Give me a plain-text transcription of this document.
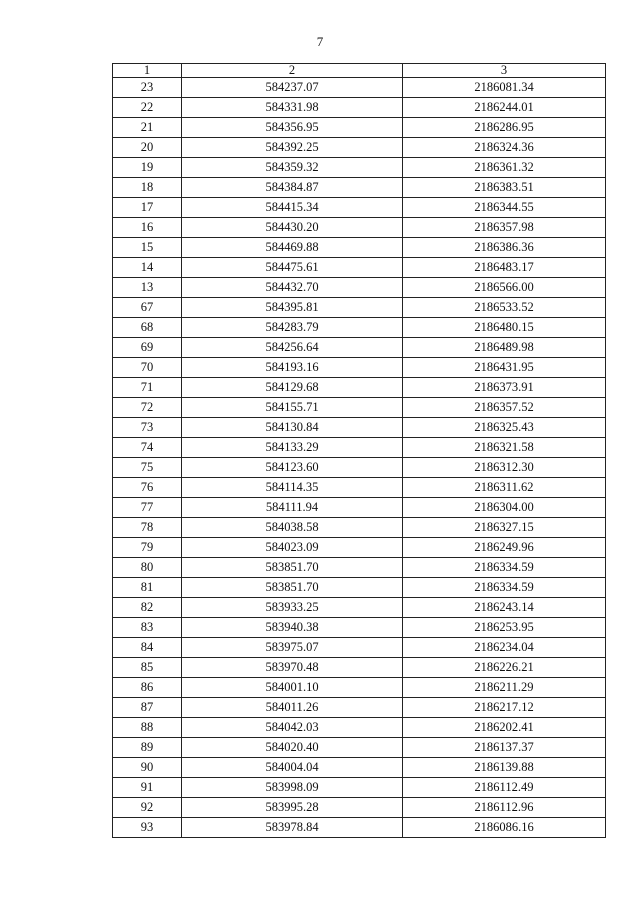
7
1	2	3
23	584237.07	2186081.34
22	584331.98	2186244.01
21	584356.95	2186286.95
20	584392.25	2186324.36
19	584359.32	2186361.32
18	584384.87	2186383.51
17	584415.34	2186344.55
16	584430.20	2186357.98
15	584469.88	2186386.36
14	584475.61	2186483.17
13	584432.70	2186566.00
67	584395.81	2186533.52
68	584283.79	2186480.15
69	584256.64	2186489.98
70	584193.16	2186431.95
71	584129.68	2186373.91
72	584155.71	2186357.52
73	584130.84	2186325.43
74	584133.29	2186321.58
75	584123.60	2186312.30
76	584114.35	2186311.62
77	584111.94	2186304.00
78	584038.58	2186327.15
79	584023.09	2186249.96
80	583851.70	2186334.59
81	583851.70	2186334.59
82	583933.25	2186243.14
83	583940.38	2186253.95
84	583975.07	2186234.04
85	583970.48	2186226.21
86	584001.10	2186211.29
87	584011.26	2186217.12
88	584042.03	2186202.41
89	584020.40	2186137.37
90	584004.04	2186139.88
91	583998.09	2186112.49
92	583995.28	2186112.96
93	583978.84	2186086.16
